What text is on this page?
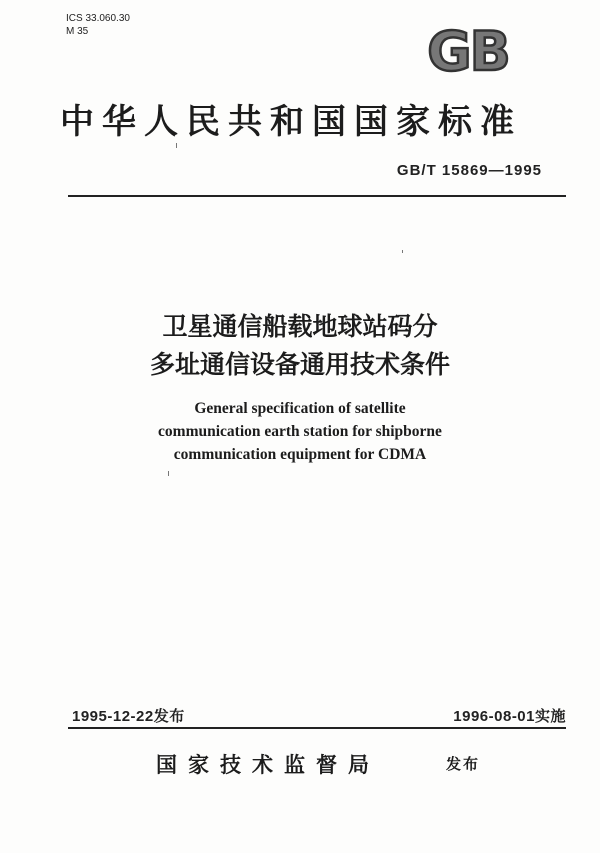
ICS 33.060.30
M 35	GB
中华人民共和国国家标准
GB/T 15869—1995
卫星通信船载地球站码分
多址通信设备通用技术条件
General specification of satellite
communication earth station for shipborne
communication equipment for CDMA
1995-12-22发布	1996-08-01实施
国家技术监督局	发布
